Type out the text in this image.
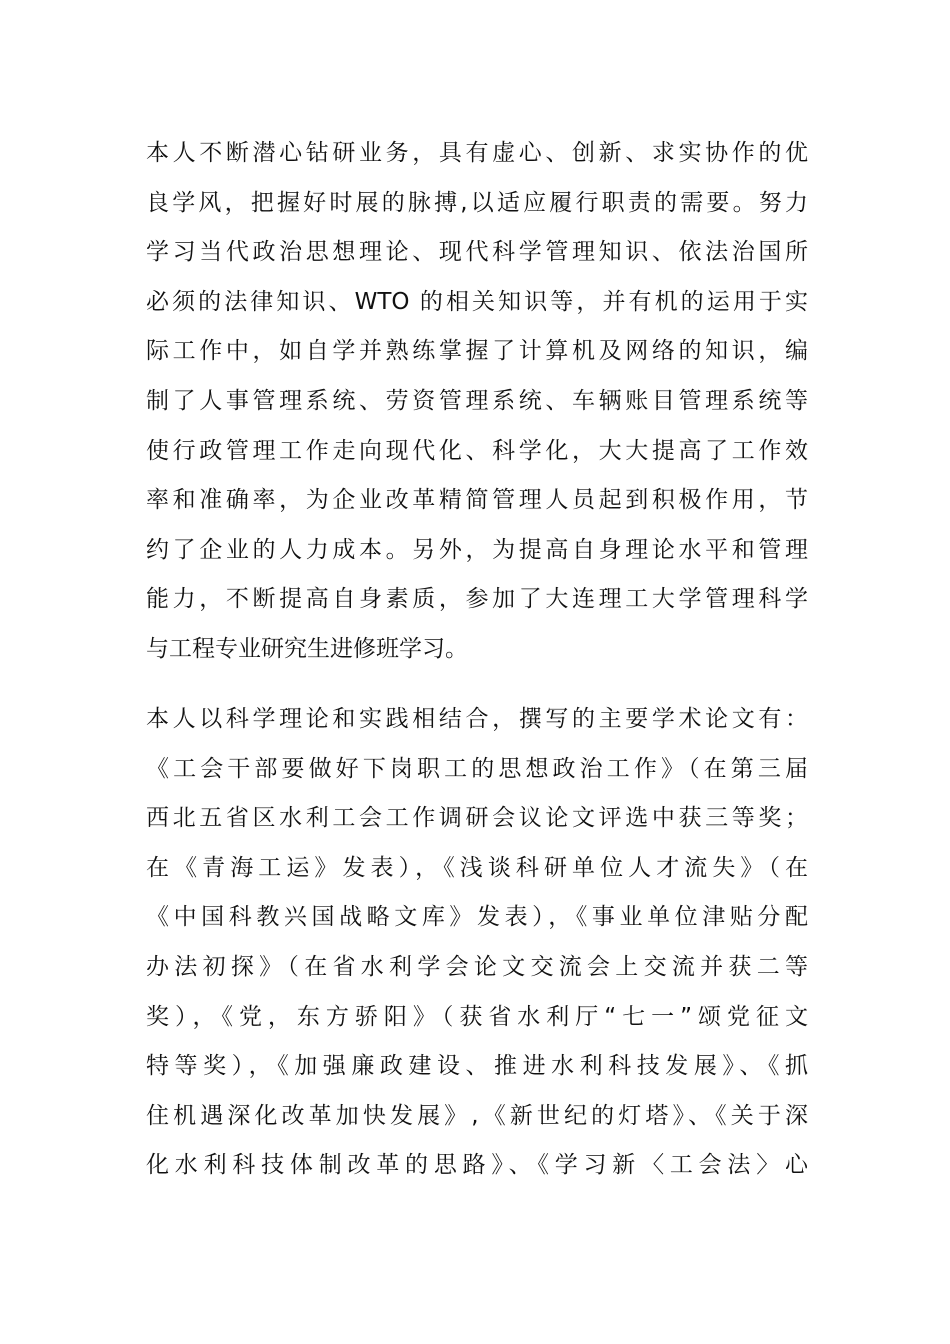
本人不断潜心钻研业务，具有虚心、创新、求实协作的优
良学风，把握好时展的脉搏,以适应履行职责的需要。努力
学习当代政治思想理论、现代科学管理知识、依法治国所
必须的法律知识、WTO 的相关知识等，并有机的运用于实
际工作中，如自学并熟练掌握了计算机及网络的知识，编
制了人事管理系统、劳资管理系统、车辆账目管理系统等
使行政管理工作走向现代化、科学化，大大提高了工作效
率和准确率，为企业改革精简管理人员起到积极作用，节
约了企业的人力成本。另外，为提高自身理论水平和管理
能力，不断提高自身素质，参加了大连理工大学管理科学
与工程专业研究生进修班学习。
本人以科学理论和实践相结合，撰写的主要学术论文有：
《工会干部要做好下岗职工的思想政治工作》（在第三届
西北五省区水利工会工作调研会议论文评选中获三等奖；
在《青海工运》发表），《浅谈科研单位人才流失》（在
《中国科教兴国战略文库》发表），《事业单位津贴分配
办法初探》（在省水利学会论文交流会上交流并获二等
奖），《党，东方骄阳》（获省水利厅“七一”颂党征文
特等奖），《加强廉政建设、推进水利科技发展》、《抓
住机遇深化改革加快发展》,《新世纪的灯塔》、《关于深
化水利科技体制改革的思路》、《学习新〈工会法〉心
